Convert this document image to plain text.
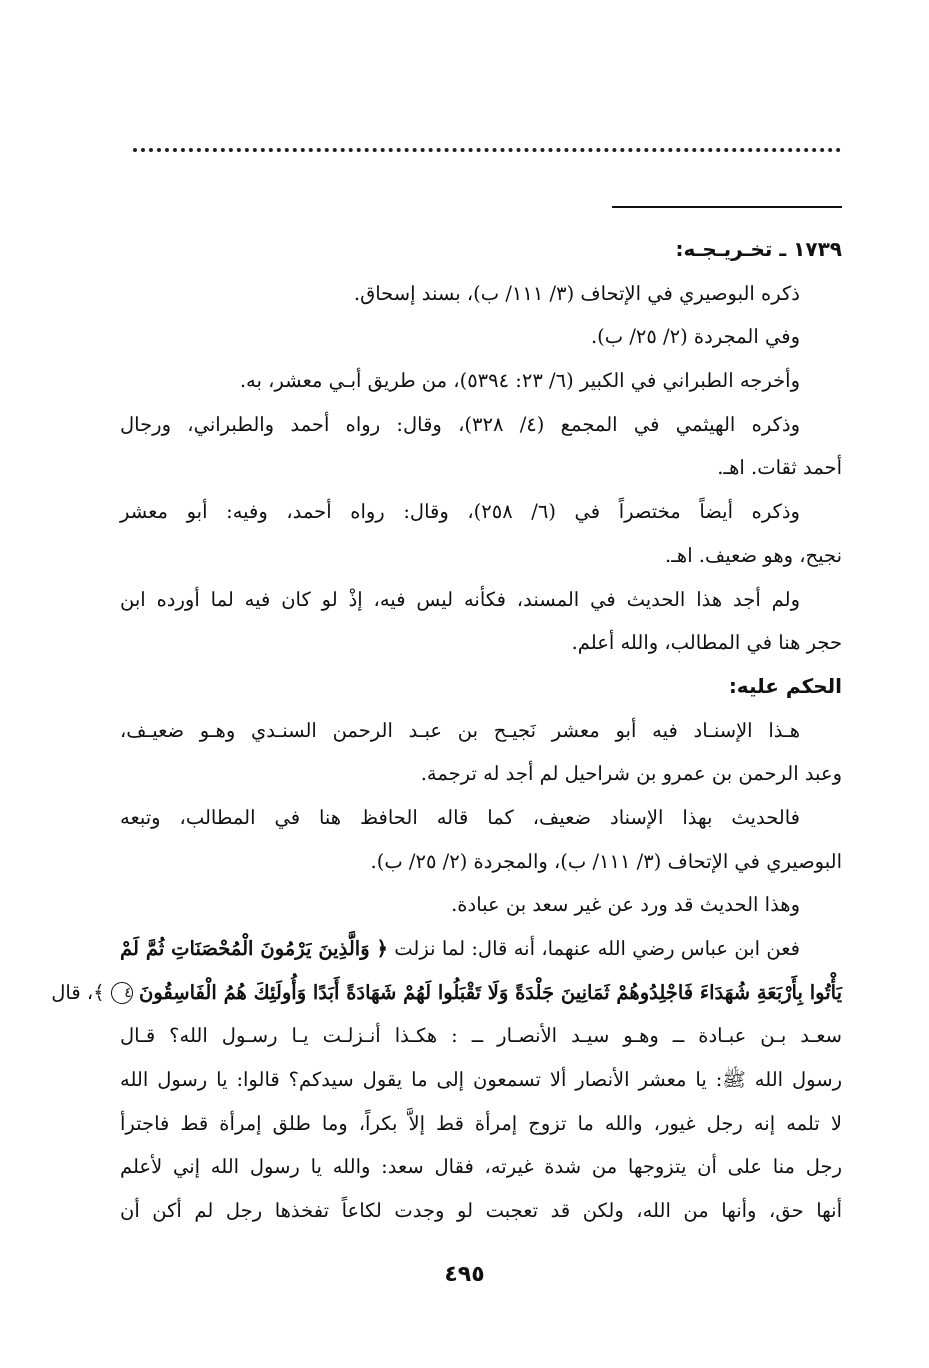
١٧٣٩ ـ تخـريـجـه:
ذكره البوصيري في الإتحاف (٣/ ١١١/ ب)، بسند إسحاق.
وفي المجردة (٢/ ٢٥/ ب).
وأخرجه الطبراني في الكبير (٦/ ٢٣: ٥٣٩٤)، من طريق أبـي معشر، به.
وذكره الهيثمي في المجمع (٤/ ٣٢٨)، وقال: رواه أحمد والطبراني، ورجال
أحمد ثقات. اهـ.
وذكره أيضاً مختصراً في (٦/ ٢٥٨)، وقال: رواه أحمد، وفيه: أبو معشر
نجيح، وهو ضعيف. اهـ.
ولم أجد هذا الحديث في المسند، فكأنه ليس فيه، إذْ لو كان فيه لما أورده ابن
حجر هنا في المطالب، والله أعلم.
الحكم عليه:
هـذا الإسنـاد فيه أبو معشر نَجيـح بن عبـد الرحمن السنـدي وهـو ضعيـف،
وعبد الرحمن بن عمرو بن شراحيل لم أجد له ترجمة.
فالحديث بهذا الإسناد ضعيف، كما قاله الحافظ هنا في المطالب، وتبعه
البوصيري في الإتحاف (٣/ ١١١/ ب)، والمجردة (٢/ ٢٥/ ب).
وهذا الحديث قد ورد عن غير سعد بن عبادة.
فعن ابن عباس رضي الله عنهما، أنه قال: لما نزلت ﴿ وَالَّذِينَ يَرْمُونَ الْمُحْصَنَاتِ ثُمَّ لَمْ
يَأْتُوا بِأَرْبَعَةِ شُهَدَاءَ فَاجْلِدُوهُمْ ثَمَانِينَ جَلْدَةً وَلَا تَقْبَلُوا لَهُمْ شَهَادَةً أَبَدًا وَأُولَئِكَ هُمُ الْفَاسِقُونَ ٤ ﴾، قال
سعـد بـن عبـادة ــ وهـو سيـد الأنصـار ــ : هكـذا أنـزلـت يـا رسـول الله؟ قـال
رسول الله ﷺ: يا معشر الأنصار ألا تسمعون إلى ما يقول سيدكم؟ قالوا: يا رسول الله
لا تلمه إنه رجل غيور، والله ما تزوج إمرأة قط إلاَّ بكراً، وما طلق إمرأة قط فاجترأ
رجل منا على أن يتزوجها من شدة غيرته، فقال سعد: والله يا رسول الله إني لأعلم
أنها حق، وأنها من الله، ولكن قد تعجبت لو وجدت لكاعاً تفخذها رجل لم أكن أن
٤٩٥
